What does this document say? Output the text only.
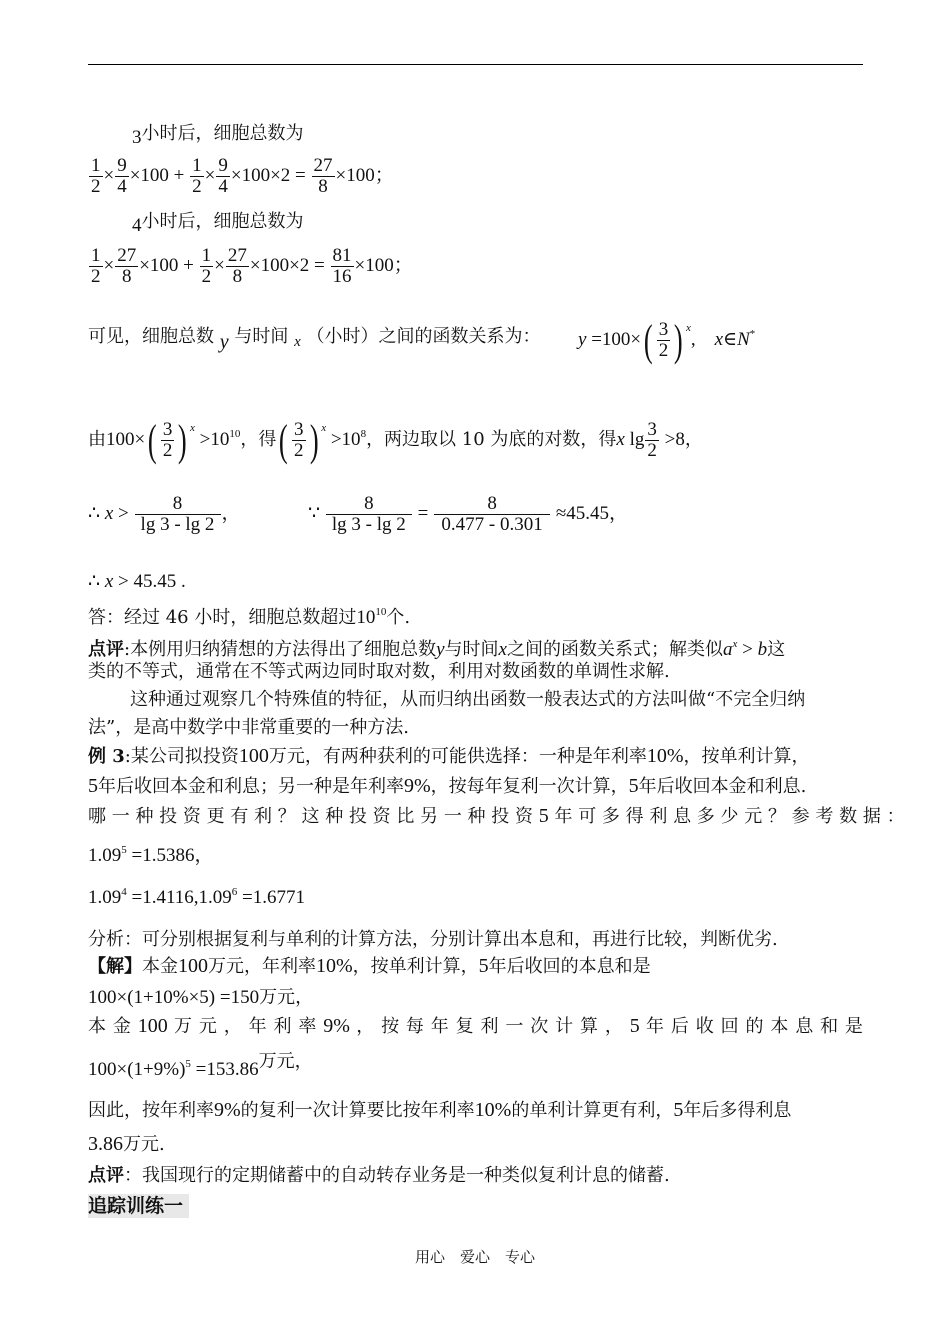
3小时后，细胞总数为
$\frac{1}{2} \times \frac{9}{4} \times 100 + \frac{1}{2} \times \frac{9}{4} \times 100\times 2 = \frac{27}{8} \times 100$；
4小时后，细胞总数为
$\frac{1}{2} \times \frac{27}{8} \times 100 + \frac{1}{2} \times \frac{27}{8} \times 100\times 2 = \frac{81}{16} \times 100$；
可见，细胞总数 y 与时间 $_x$ （小时）之间的函数关系为： $y =100\times( \frac{3}{2}$ ) $^x$,    x∈N*
由$100\times( \frac{3}{2}$ ) $^x >10^{10}$，得( $\frac{3}{2}$ ) $^x >10^8$，两边取以 10 为底的对数，得x $\lg \frac{3}{2} >8$，
∴ $x > \frac{8}{\lg 3 - \lg 2}$ ，	∵ $\frac{8}{\lg 3 - \lg 2} = \frac{8}{0.477 - 0.301} \approx 45.45$，
∴ x > 45.45 .
答：经过 46 小时，细胞总数超过$10^{10}$个.
点评:本例用归纳猜想的方法得出了细胞总数y与时间x之间的函数关系式；解类似$a^x > b$这
类的不等式，通常在不等式两边同时取对数，利用对数函数的单调性求解.
这种通过观察几个特殊值的特征，从而归纳出函数一般表达式的方法叫做“不完全归纳
法”，是高中数学中非常重要的一种方法.
例 3:某公司拟投资100万元，有两种获利的可能供选择：一种是年利率10%，按单利计算，
5年后收回本金和利息；另一种是年利率9%，按每年复利一次计算，5年后收回本金和利息.
哪 一 种 投 资 更 有 利 ？ 这 种 投 资 比 另 一 种 投 资 5 年 可 多 得 利 息 多 少 元 ？ 参 考 数 据 ：
$1.09^5 =1.5386$，
$1.09^4 =1.4116,1.09^6 =1.6771$
分析：可分别根据复利与单利的计算方法，分别计算出本息和，再进行比较，判断优劣.
【解】本金100万元，年利率10%，按单利计算，5年后收回的本息和是
100×(1+10%×5) =150万元，
本 金 100 万 元 ， 年 利 率 9% ， 按 每 年 复 利 一 次 计 算 ， 5 年 后 收 回 的 本 息 和 是
$100\times(1+9\%)^5 =153.86$万元，
因此，按年利率9%的复利一次计算要比按年利率10%的单利计算更有利，5年后多得利息
3.86万元.
点评：我国现行的定期储蓄中的自动转存业务是一种类似复利计息的储蓄.
追踪训练一
用心　爱心　专心
